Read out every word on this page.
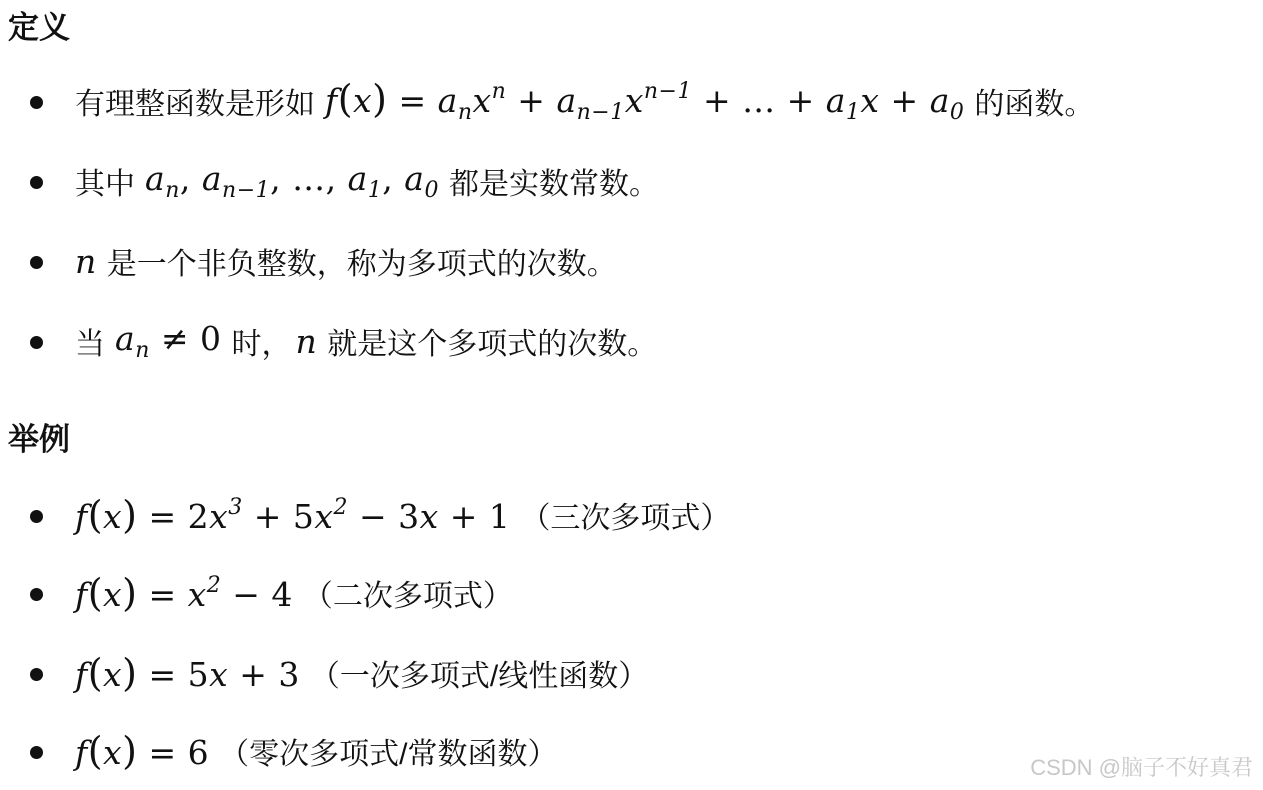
定义
有理整函数是形如 $f(x) = a_nx^n + a_{n-1}x^{n-1}$ + … + $a_1x + a_0$ 的函数。
其中 $a_n$, $a_{n-1}$, …, $a_1$, $a_0$ 都是实数常数。
n 是一个非负整数，称为多项式的次数。
当 $a_n \ne 0$ 时， n 就是这个多项式的次数。
举例
$f(x) = 2x^3 + 5x^2 - 3x + 1$ （三次多项式）
$f(x) = x^2 - 4$ （二次多项式）
f(x) = 5x + 3 （一次多项式/线性函数）
f(x) = 6 （零次多项式/常数函数）	CSDN @脑子不好真君
